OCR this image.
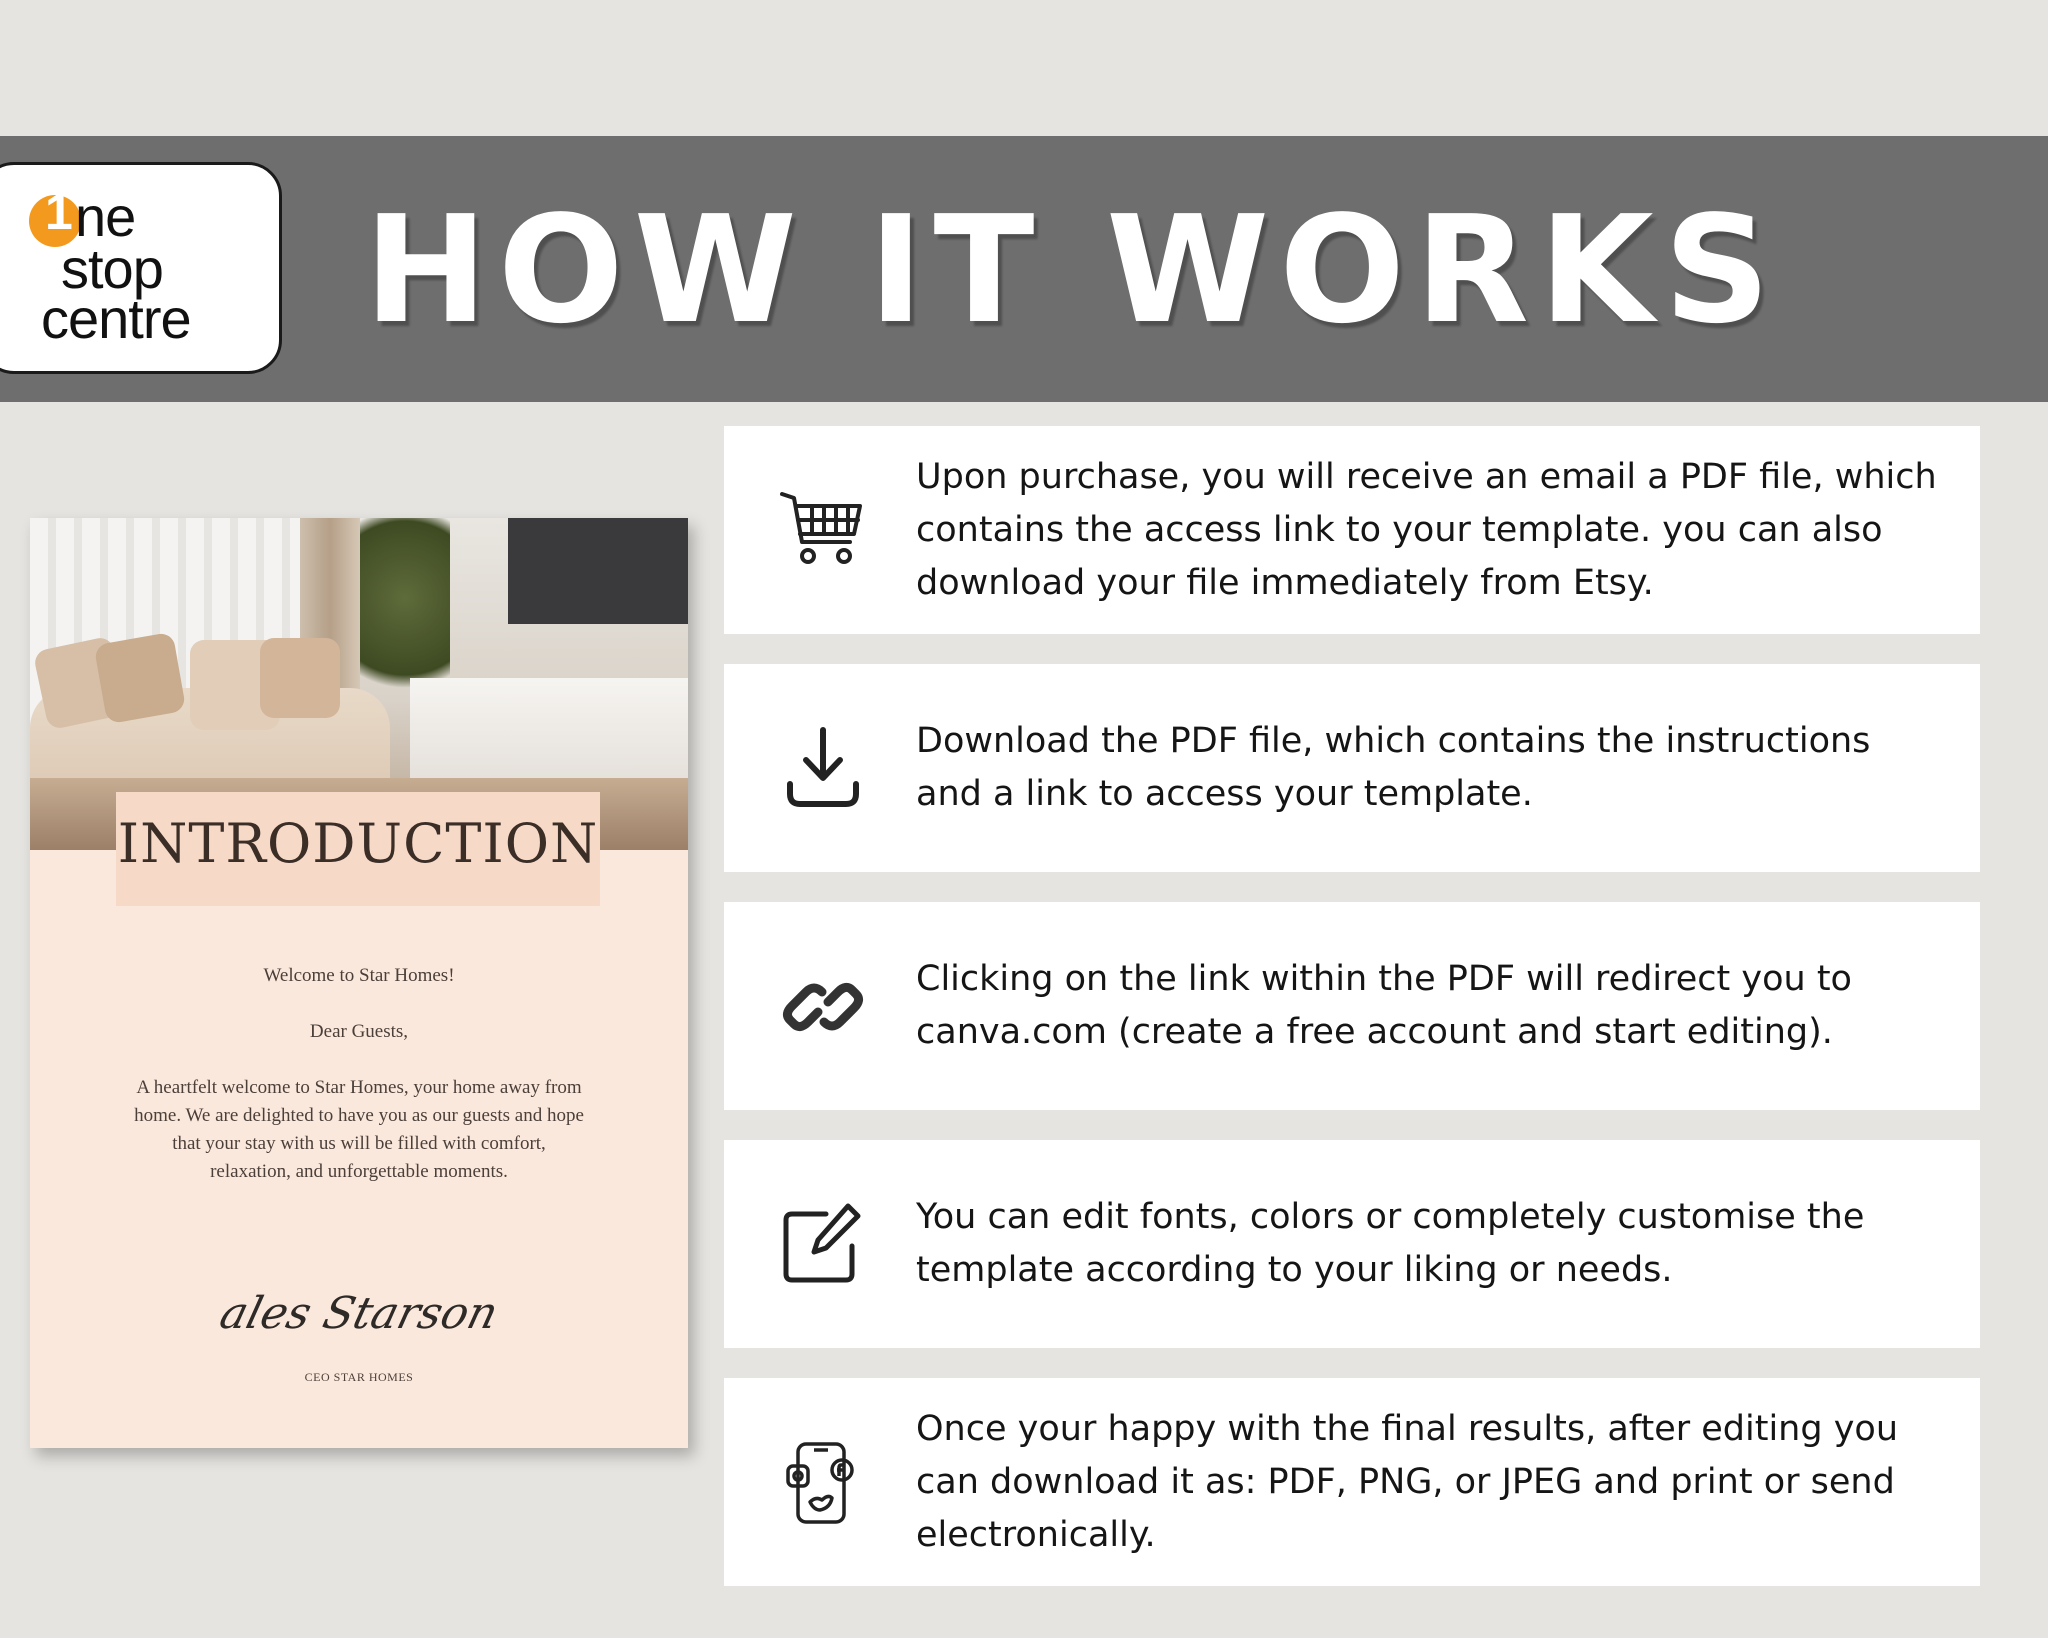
1 ne
stop
centre HOW IT WORKS
INTRODUCTION
Welcome to Star Homes!
Dear Guests,
A heartfelt welcome to Star Homes, your home away from home. We are delighted to have you as our guests and hope that your stay with us will be filled with comfort, relaxation, and unforgettable moments.
ales Starson
CEO STAR HOMES
Upon purchase, you will receive an email a PDF file, which contains the access link to your template. you can also download your file immediately from Etsy.
Download the PDF file, which contains the instructions and a link to access your template.
Clicking on the link within the PDF will redirect you to canva.com (create a free account and start editing).
You can edit fonts, colors or completely customise the template according to your liking or needs.
Once your happy with the final results, after editing you can download it as: PDF, PNG, or JPEG and print or send electronically.
